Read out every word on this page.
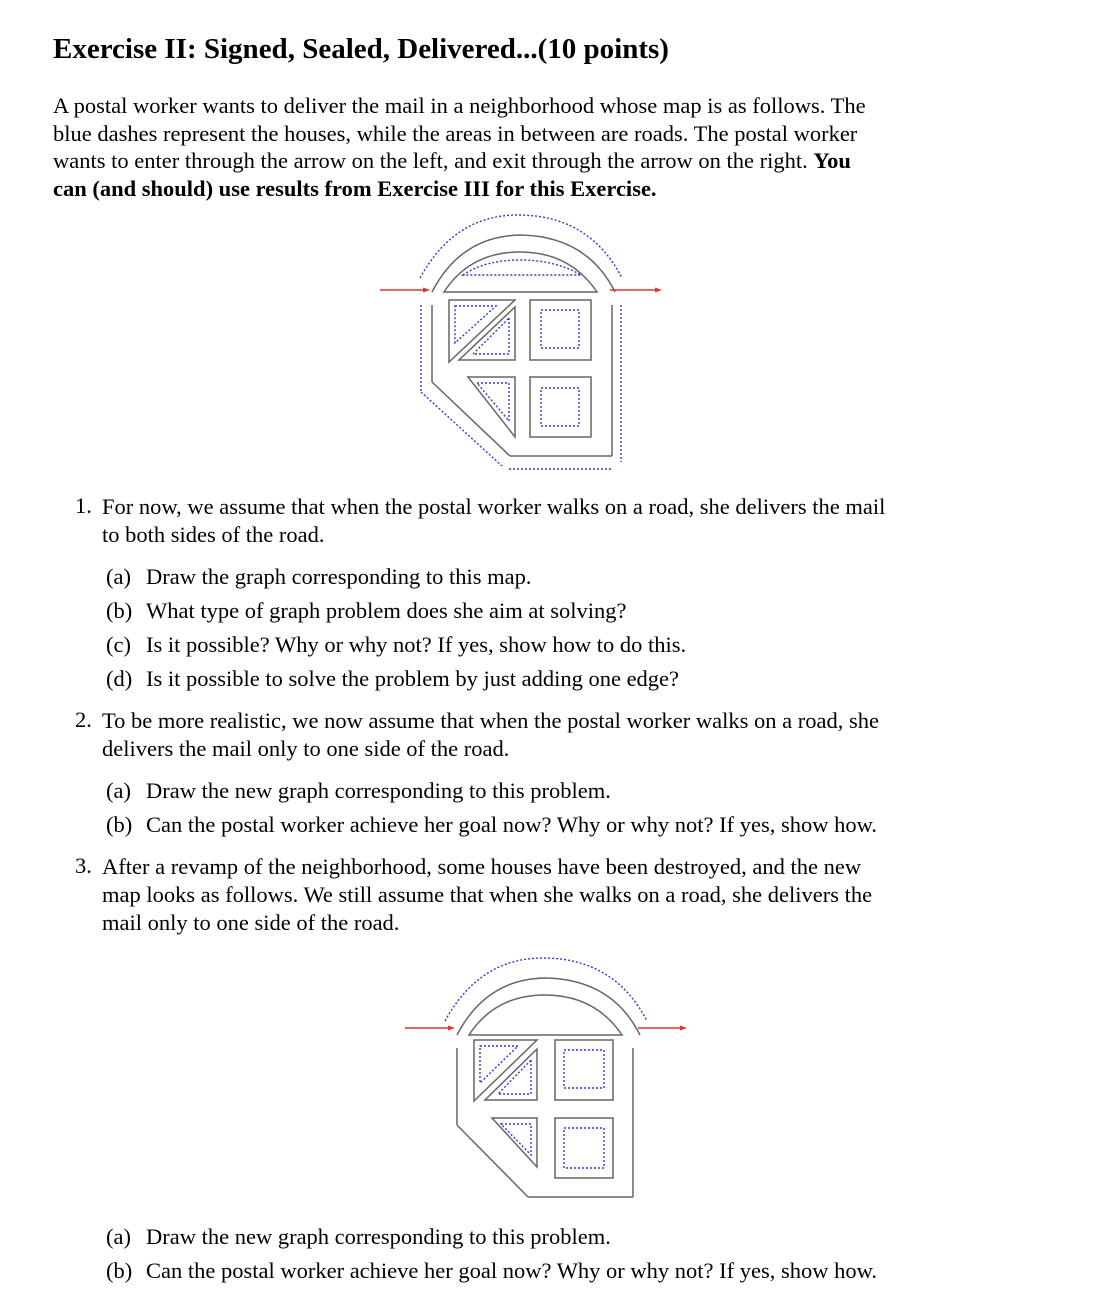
Exercise II: Signed, Sealed, Delivered...(10 points)
A postal worker wants to deliver the mail in a neighborhood whose map is as follows. The
blue dashes represent the houses, while the areas in between are roads. The postal worker
wants to enter through the arrow on the left, and exit through the arrow on the right. You
can (and should) use results from Exercise III for this Exercise.
1. For now, we assume that when the postal worker walks on a road, she delivers the mail
to both sides of the road.
(a) Draw the graph corresponding to this map.
(b) What type of graph problem does she aim at solving?
(c) Is it possible? Why or why not? If yes, show how to do this.
(d) Is it possible to solve the problem by just adding one edge?
2. To be more realistic, we now assume that when the postal worker walks on a road, she
delivers the mail only to one side of the road.
(a) Draw the new graph corresponding to this problem.
(b) Can the postal worker achieve her goal now? Why or why not? If yes, show how.
3. After a revamp of the neighborhood, some houses have been destroyed, and the new
map looks as follows. We still assume that when she walks on a road, she delivers the
mail only to one side of the road.
(a) Draw the new graph corresponding to this problem.
(b) Can the postal worker achieve her goal now? Why or why not? If yes, show how.
